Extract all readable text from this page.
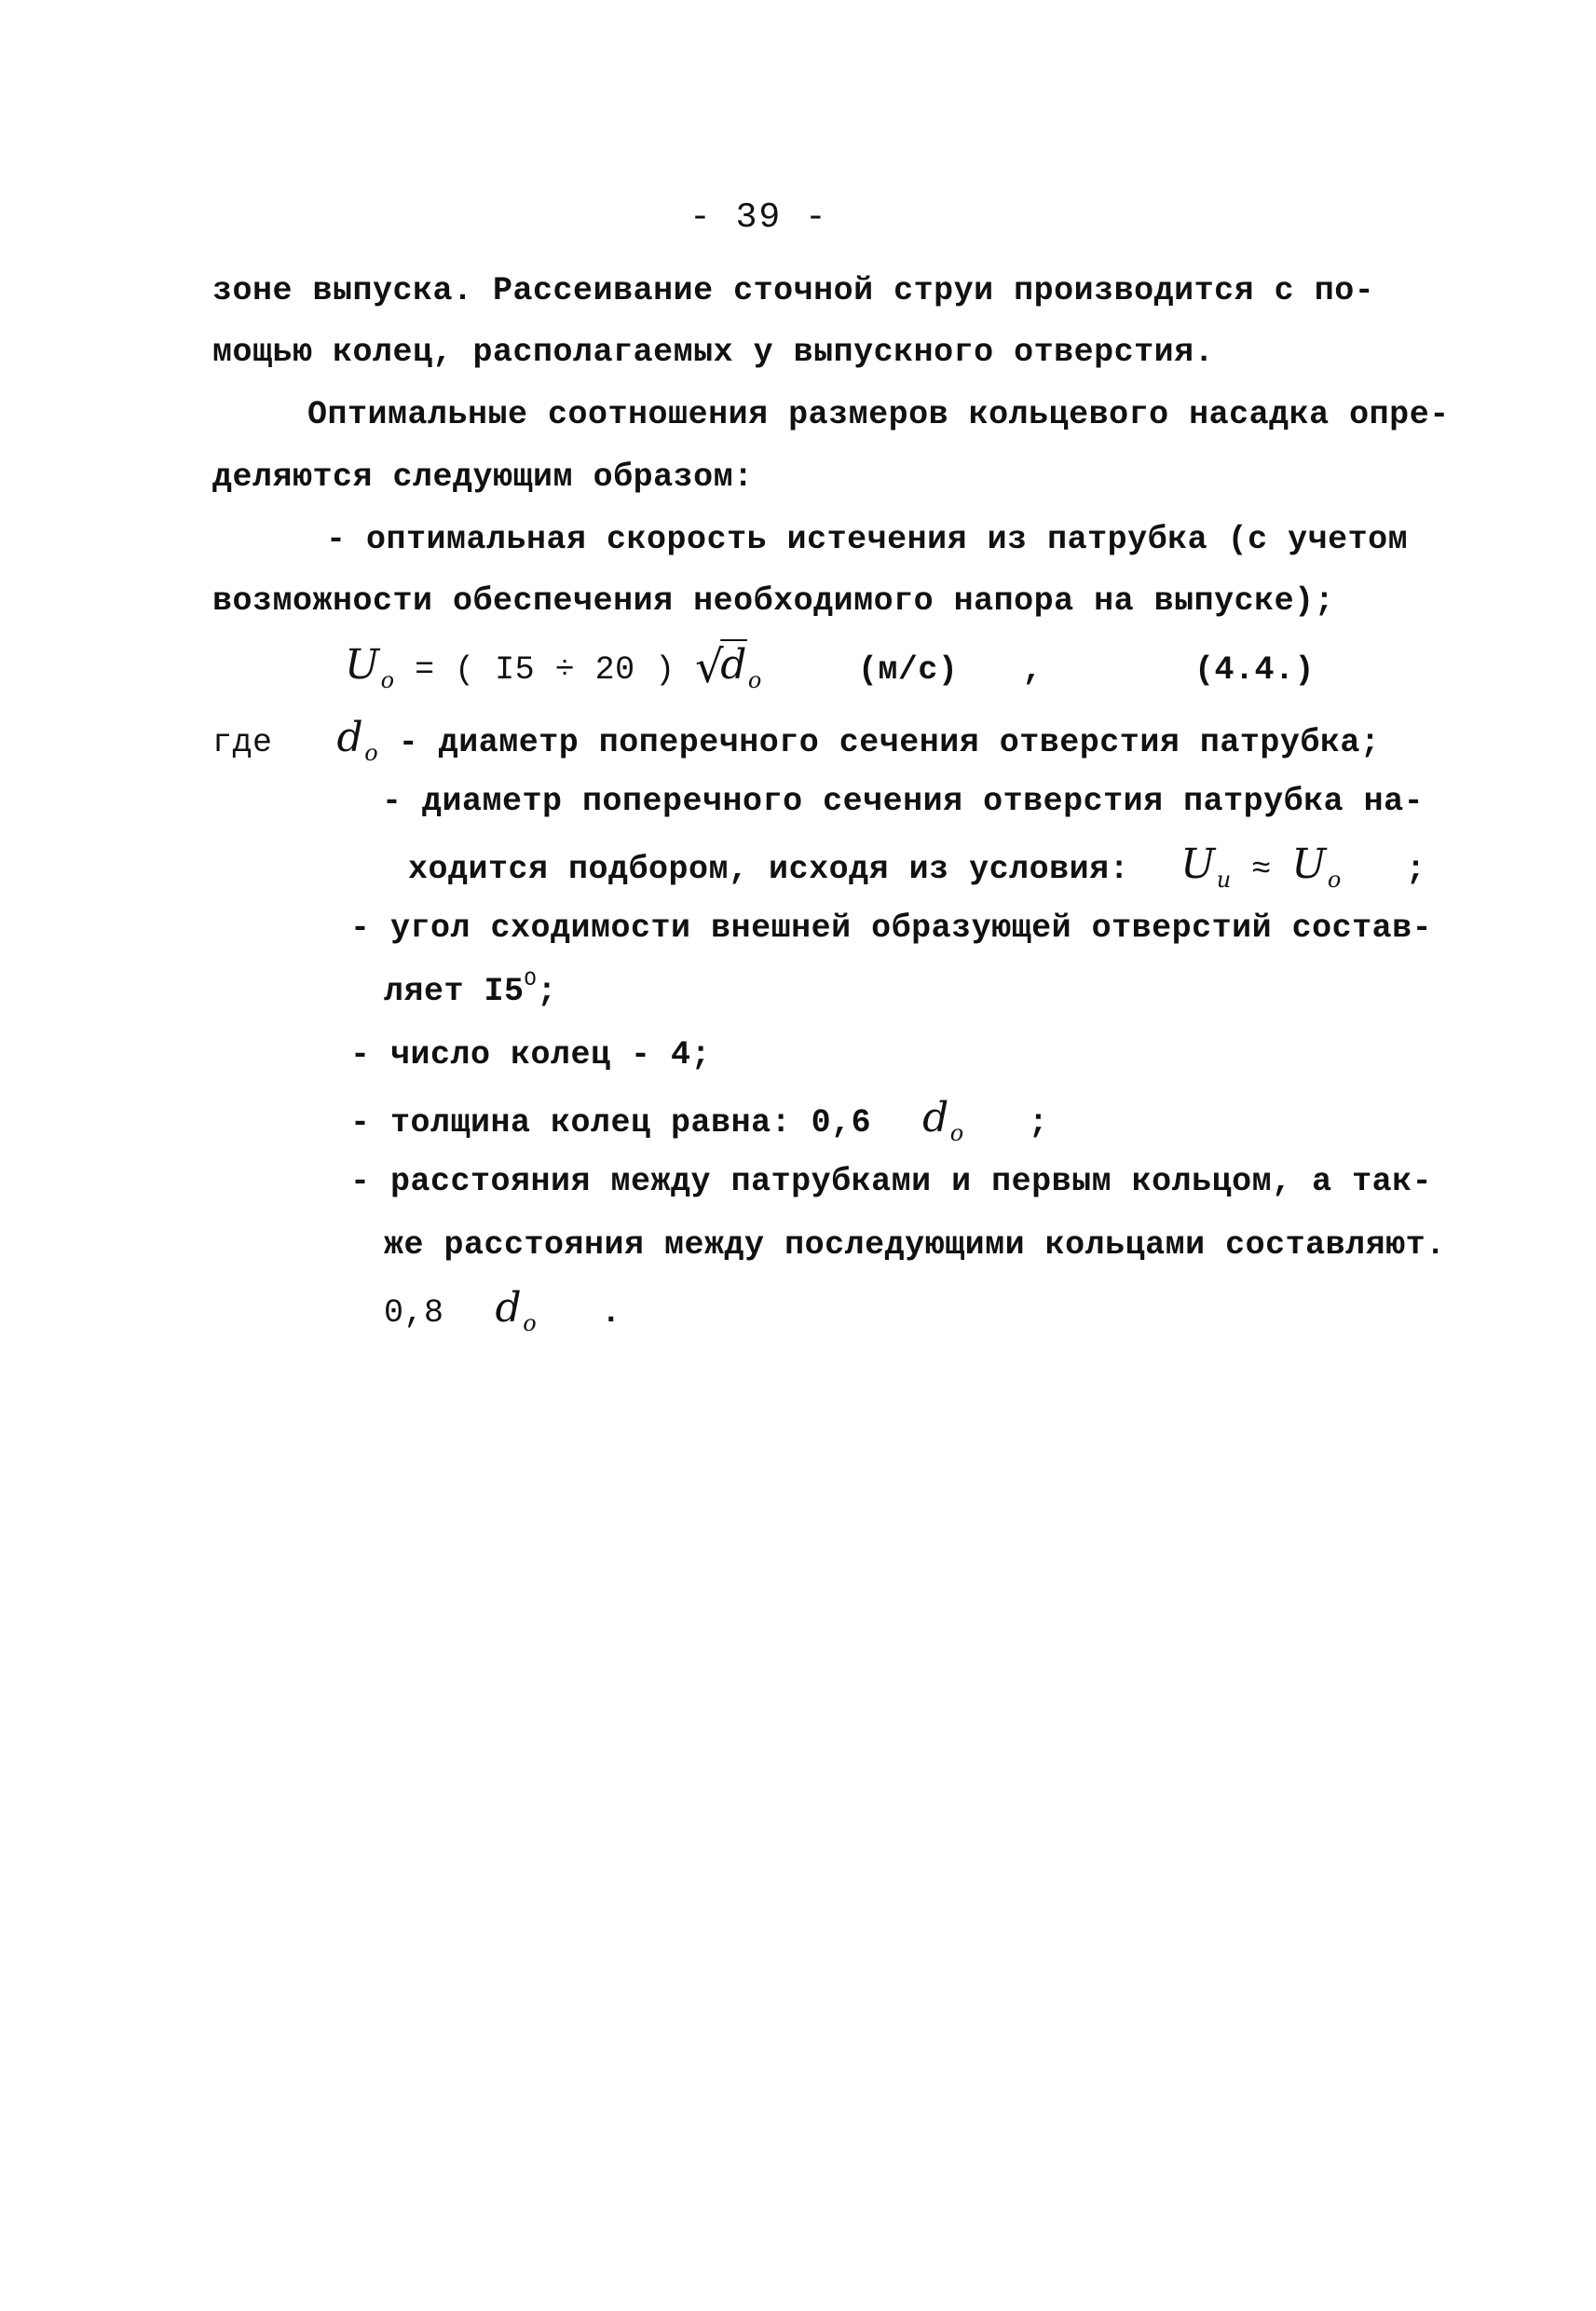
- 39 -
зоне выпуска. Рассеивание сточной струи производится с по-
мощью колец, располагаемых у выпускного отверстия.
Оптимальные соотношения размеров кольцевого насадка опре-
деляются следующим образом:
- оптимальная скорость истечения из патрубка (с учетом
возможности обеспечения необходимого напора на выпуске);
$U_o$ = ( I5 ÷ 20 ) $√d_o$	(м/с) ,	(4.4.)
где $d_o$ - диаметр поперечного сечения отверстия патрубка;
- диаметр поперечного сечения отверстия патрубка на-
ходится подбором, исходя из условия: $U_u \approx U_o$ ;
- угол сходимости внешней образующей отверстий состав-
ляет $I5^O$;
- число колец - 4;
- толщина колец равна: 0,6 $d_o$ ;
- расстояния между патрубками и первым кольцом, а так-
же расстояния между последующими кольцами составляют.
0,8 $d_o$ .
